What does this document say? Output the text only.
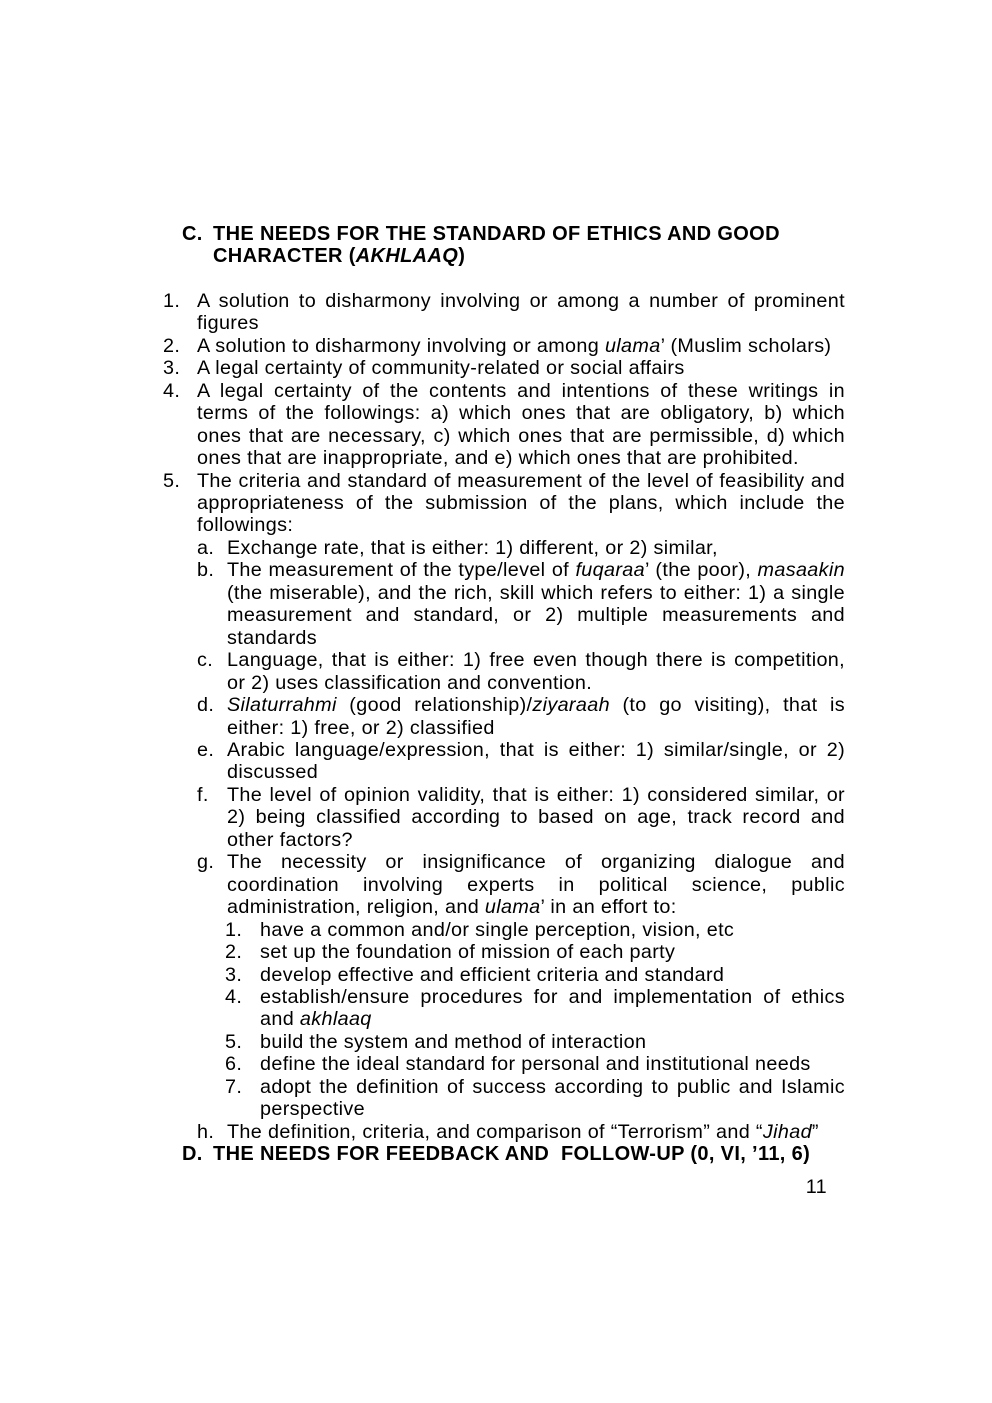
C. THE NEEDS FOR THE STANDARD OF ETHICS AND GOOD CHARACTER (AKHLAAQ)
1. A solution to disharmony involving or among a number of prominent figures
2. A solution to disharmony involving or among ulama’ (Muslim scholars)
3. A legal certainty of community-related or social affairs
4. A legal certainty of the contents and intentions of these writings in terms of the followings: a) which ones that are obligatory, b) which ones that are necessary, c) which ones that are permissible, d) which ones that are inappropriate, and e) which ones that are prohibited.
5. The criteria and standard of measurement of the level of feasibility and appropriateness of the submission of the plans, which include the followings:
a. Exchange rate, that is either: 1) different, or 2) similar,
b. The measurement of the type/level of fuqaraa’ (the poor), masaakin (the miserable), and the rich, skill which refers to either: 1) a single measurement and standard, or 2) multiple measurements and standards
c. Language, that is either: 1) free even though there is competition, or 2) uses classification and convention.
d. Silaturrahmi (good relationship)/ziyaraah (to go visiting), that is either: 1) free, or 2) classified
e. Arabic language/expression, that is either: 1) similar/single, or 2) discussed
f. The level of opinion validity, that is either: 1) considered similar, or 2) being classified according to based on age, track record and other factors?
g. The necessity or insignificance of organizing dialogue and coordination involving experts in political science, public administration, religion, and ulama’ in an effort to:
1. have a common and/or single perception, vision, etc
2. set up the foundation of mission of each party
3. develop effective and efficient criteria and standard
4. establish/ensure procedures for and implementation of ethics and akhlaaq
5. build the system and method of interaction
6. define the ideal standard for personal and institutional needs
7. adopt the definition of success according to public and Islamic perspective
h. The definition, criteria, and comparison of “Terrorism” and “Jihad”
D. THE NEEDS FOR FEEDBACK AND  FOLLOW-UP (0, VI, ’11, 6)
11
